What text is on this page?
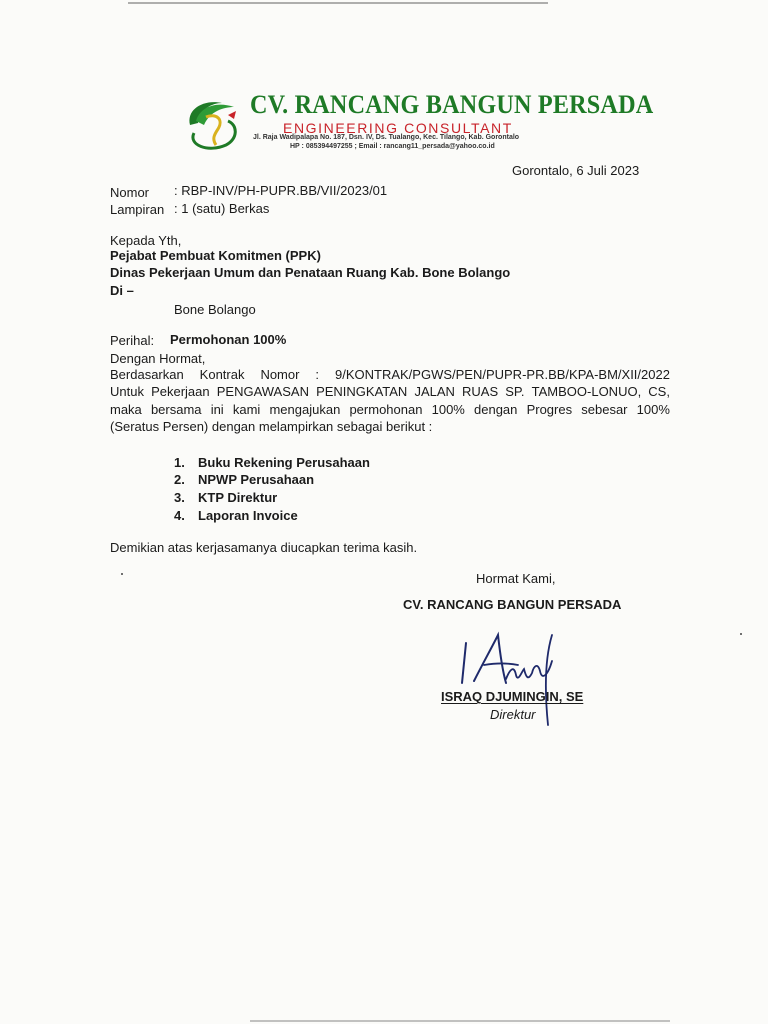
CV. RANCANG BANGUN PERSADA
ENGINEERING CONSULTANT
Jl. Raja Wadipalapa No. 187, Dsn. IV, Ds. Tualango, Kec. Tilango, Kab. Gorontalo
HP : 085394497255 ; Email : rancang11_persada@yahoo.co.id
Gorontalo, 6 Juli 2023
Nomor : RBP-INV/PH-PUPR.BB/VII/2023/01
Lampiran : 1 (satu) Berkas
Kepada Yth,
Pejabat Pembuat Komitmen (PPK)
Dinas Pekerjaan Umum dan Penataan Ruang Kab. Bone Bolango
Di –
Bone Bolango
Perihal: Permohonan 100%
Dengan Hormat,
Berdasarkan Kontrak Nomor : 9/KONTRAK/PGWS/PEN/PUPR-PR.BB/KPA-BM/XII/2022
Untuk Pekerjaan PENGAWASAN PENINGKATAN JALAN RUAS SP. TAMBOO-LONUO, CS,
maka bersama ini kami mengajukan permohonan 100% dengan Progres sebesar 100%
(Seratus Persen) dengan melampirkan sebagai berikut :
1. Buku Rekening Perusahaan
2. NPWP Perusahaan
3. KTP Direktur
4. Laporan Invoice
Demikian atas kerjasamanya diucapkan terima kasih.
Hormat Kami,
CV. RANCANG BANGUN PERSADA
ISRAQ DJUMINGIN, SE
Direktur
